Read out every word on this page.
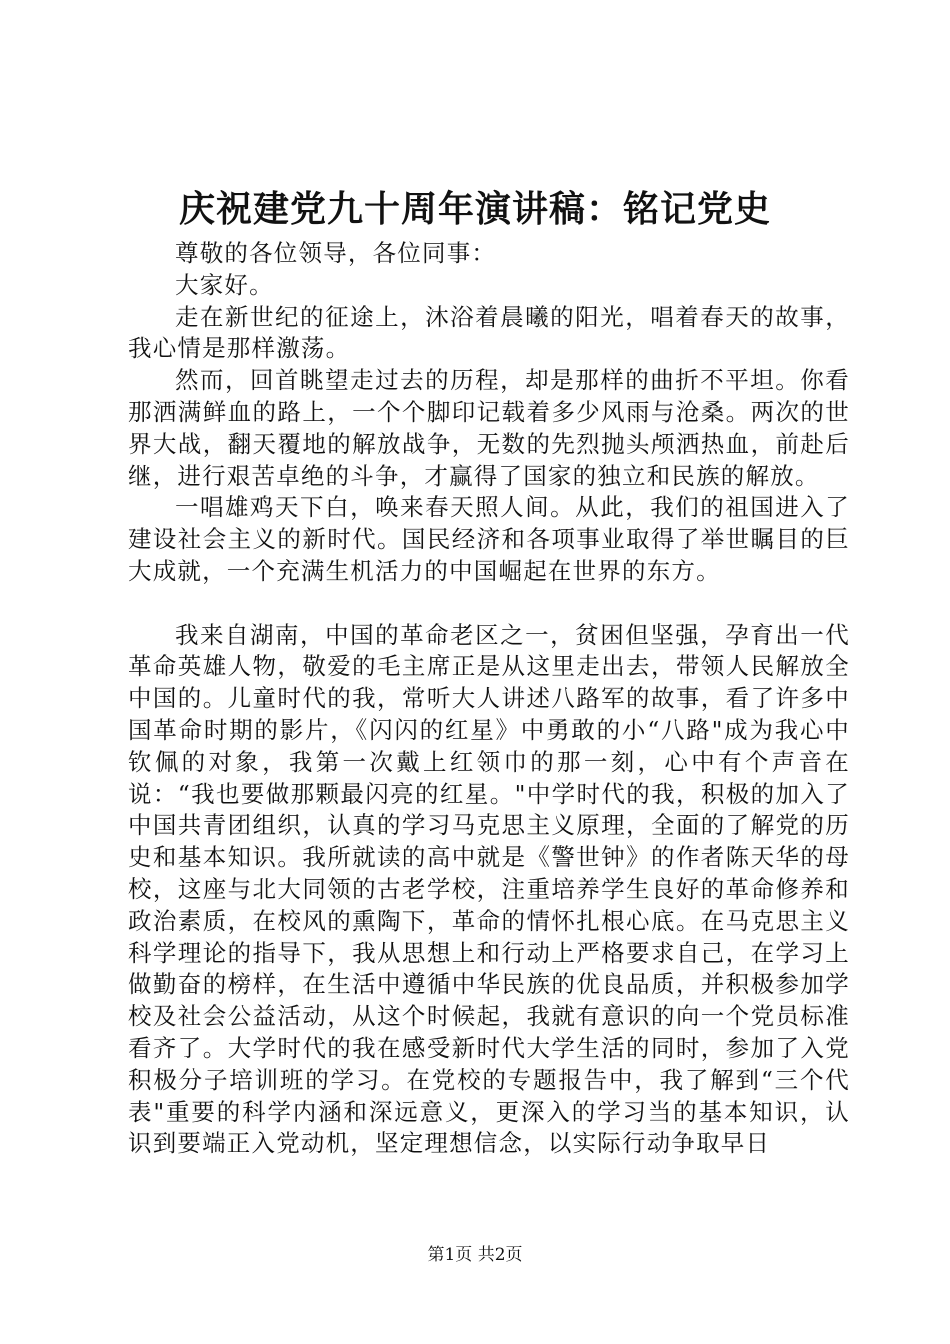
庆祝建党九十周年演讲稿：铭记党史

尊敬的各位领导，各位同事：

大家好。

走在新世纪的征途上，沐浴着晨曦的阳光，唱着春天的故事，我心情是那样激荡。

然而，回首眺望走过去的历程，却是那样的曲折不平坦。你看那洒满鲜血的路上，一个个脚印记载着多少风雨与沧桑。两次的世界大战，翻天覆地的解放战争，无数的先烈抛头颅洒热血，前赴后继，进行艰苦卓绝的斗争，才赢得了国家的独立和民族的解放。

一唱雄鸡天下白，唤来春天照人间。从此，我们的祖国进入了建设社会主义的新时代。国民经济和各项事业取得了举世瞩目的巨大成就，一个充满生机活力的中国崛起在世界的东方。

我来自湖南，中国的革命老区之一，贫困但坚强，孕育出一代革命英雄人物，敬爱的毛主席正是从这里走出去，带领人民解放全中国的。儿童时代的我，常听大人讲述八路军的故事，看了许多中国革命时期的影片，《闪闪的红星》中勇敢的小“八路"成为我心中钦佩的对象，我第一次戴上红领巾的那一刻，心中有个声音在说：“我也要做那颗最闪亮的红星。"中学时代的我，积极的加入了中国共青团组织，认真的学习马克思主义原理，全面的了解党的历史和基本知识。我所就读的高中就是《警世钟》的作者陈天华的母校，这座与北大同领的古老学校，注重培养学生良好的革命修养和政治素质，在校风的熏陶下，革命的情怀扎根心底。在马克思主义科学理论的指导下，我从思想上和行动上严格要求自己，在学习上做勤奋的榜样，在生活中遵循中华民族的优良品质，并积极参加学校及社会公益活动，从这个时候起，我就有意识的向一个党员标准看齐了。大学时代的我在感受新时代大学生活的同时，参加了入党积极分子培训班的学习。在党校的专题报告中，我了解到“三个代表"重要的科学内涵和深远意义，更深入的学习当的基本知识，认识到要端正入党动机，坚定理想信念，以实际行动争取早日

第1页 共2页
